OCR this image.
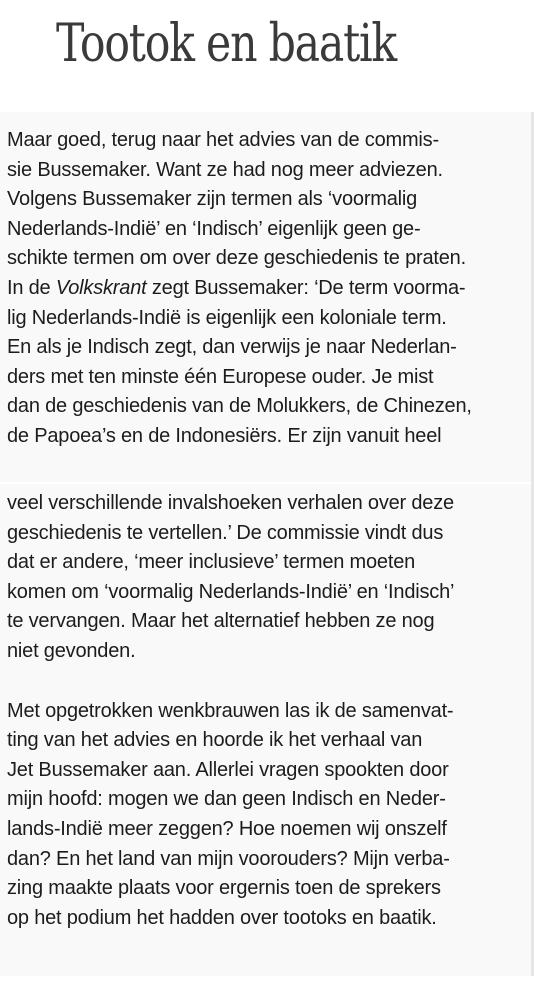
Tootok en baatik
Maar goed, terug naar het advies van de commis-
sie Bussemaker. Want ze had nog meer adviezen.
Volgens Bussemaker zijn termen als ‘voormalig
Nederlands-Indië’ en ‘Indisch’ eigenlijk geen ge-
schikte termen om over deze geschiedenis te praten.
In de Volkskrant zegt Bussemaker: ‘De term voorma-
lig Nederlands-Indië is eigenlijk een koloniale term.
En als je Indisch zegt, dan verwijs je naar Nederlan-
ders met ten minste één Europese ouder. Je mist
dan de geschiedenis van de Molukkers, de Chinezen,
de Papoea’s en de Indonesiërs. Er zijn vanuit heel
veel verschillende invalshoeken verhalen over deze
geschiedenis te vertellen.’ De commissie vindt dus
dat er andere, ‘meer inclusieve’ termen moeten
komen om ‘voormalig Nederlands-Indië’ en ‘Indisch’
te vervangen. Maar het alternatief hebben ze nog
niet gevonden.
Met opgetrokken wenkbrauwen las ik de samenvat-
ting van het advies en hoorde ik het verhaal van
Jet Bussemaker aan. Allerlei vragen spookten door
mijn hoofd: mogen we dan geen Indisch en Neder-
lands-Indië meer zeggen? Hoe noemen wij onszelf
dan? En het land van mijn voorouders? Mijn verba-
zing maakte plaats voor ergernis toen de sprekers
op het podium het hadden over tootoks en baatik.
